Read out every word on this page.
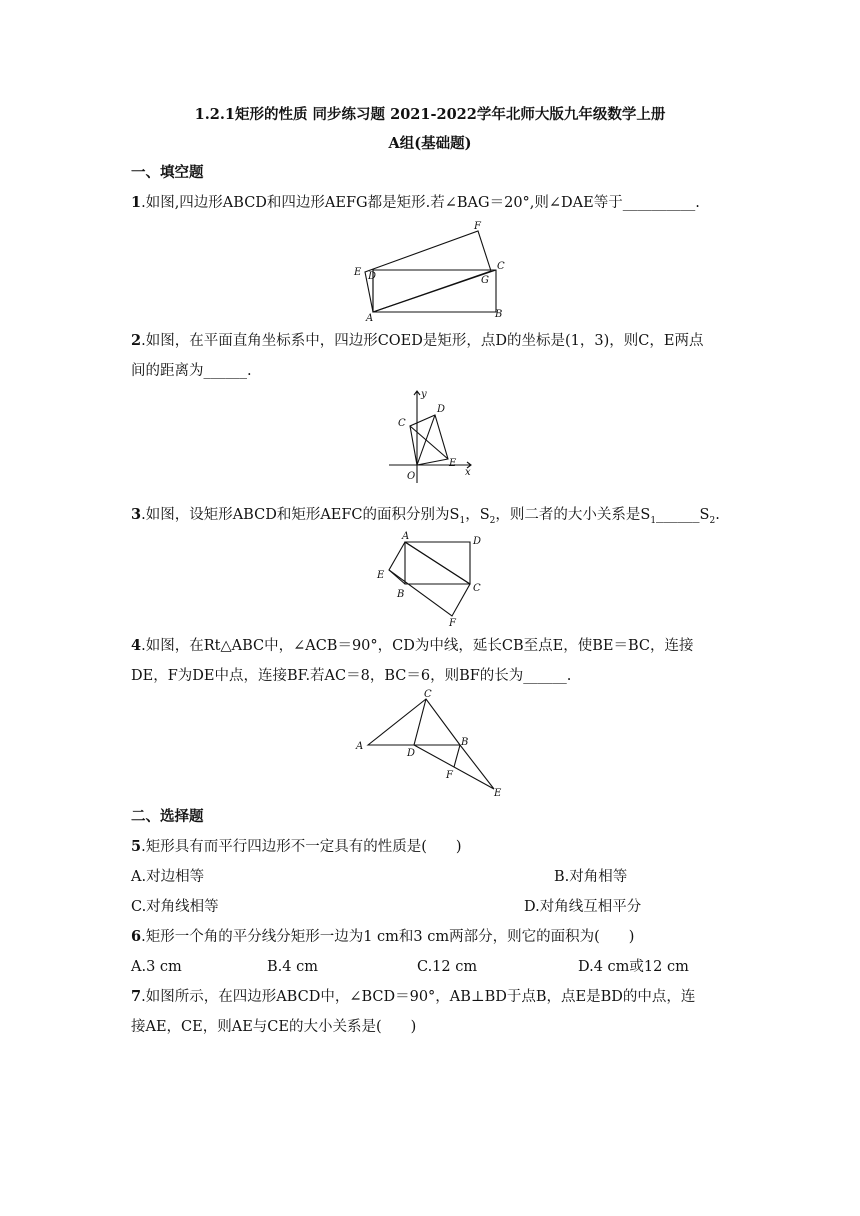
1.2.1矩形的性质 同步练习题 2021-2022学年北师大版九年级数学上册
A组(基础题)
一、填空题
1.如图,四边形ABCD和四边形AEFG都是矩形.若∠BAG＝20°,则∠DAE等于__________.
F
E D
C
G
A	B
2.如图，在平面直角坐标系中，四边形COED是矩形，点D的坐标是(1，3)，则C，E两点
间的距离为______.
y
C
D
O
E
x
3.如图，设矩形ABCD和矩形AEFC的面积分别为$S_1$，$S_2$，则二者的大小关系是$S_1\_\_\_\_\_\_S_2$.
A	D
E
B
C
F
4.如图，在Rt△ABC中，∠ACB＝90°，CD为中线，延长CB至点E，使BE＝BC，连接
DE，F为DE中点，连接BF.若AC＝8，BC＝6，则BF的长为______.
C
A
D
B
F
E
二、选择题
5.矩形具有而平行四边形不一定具有的性质是(　　)
A.对边相等	B.对角相等
C.对角线相等	D.对角线互相平分
6.矩形一个角的平分线分矩形一边为1 cm和3 cm两部分，则它的面积为(　　)
A.3 cm	B.4 cm	C.12 cm	D.4 cm或12 cm
7.如图所示，在四边形ABCD中，∠BCD＝90°，AB⊥BD于点B，点E是BD的中点，连
接AE，CE，则AE与CE的大小关系是(　　)
